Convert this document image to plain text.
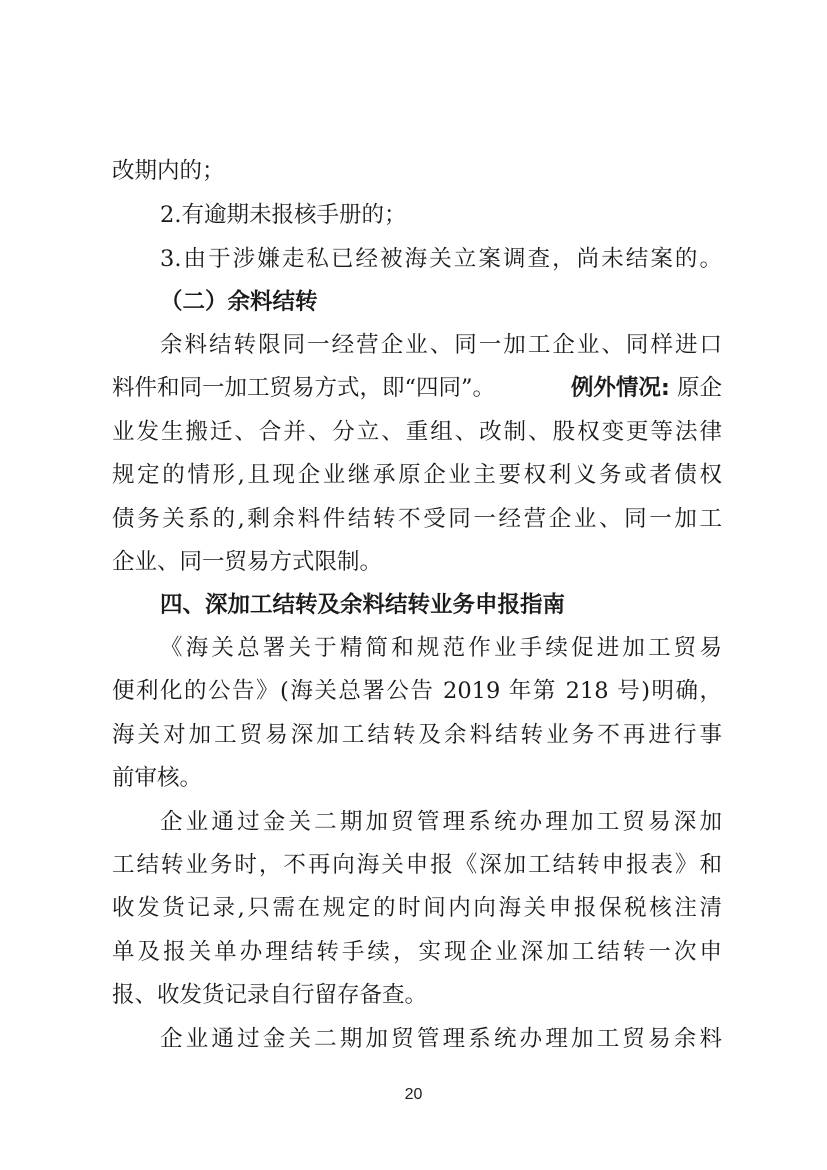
改期内的；
2.有逾期未报核手册的；
3.由于涉嫌走私已经被海关立案调查，尚未结案的。
（二）余料结转
余料结转限同一经营企业、同一加工企业、同样进口
料件和同一加工贸易方式，即“四同”。	例外情况: 原企
业发生搬迁、合并、分立、重组、改制、股权变更等法律
规定的情形,且现企业继承原企业主要权利义务或者债权
债务关系的,剩余料件结转不受同一经营企业、同一加工
企业、同一贸易方式限制。
四、深加工结转及余料结转业务申报指南
《海关总署关于精简和规范作业手续促进加工贸易
便利化的公告》(海关总署公告 2019 年第 218 号)明确，
海关对加工贸易深加工结转及余料结转业务不再进行事
前审核。
企业通过金关二期加贸管理系统办理加工贸易深加
工结转业务时，不再向海关申报《深加工结转申报表》和
收发货记录,只需在规定的时间内向海关申报保税核注清
单及报关单办理结转手续，实现企业深加工结转一次申
报、收发货记录自行留存备查。
企业通过金关二期加贸管理系统办理加工贸易余料
20
